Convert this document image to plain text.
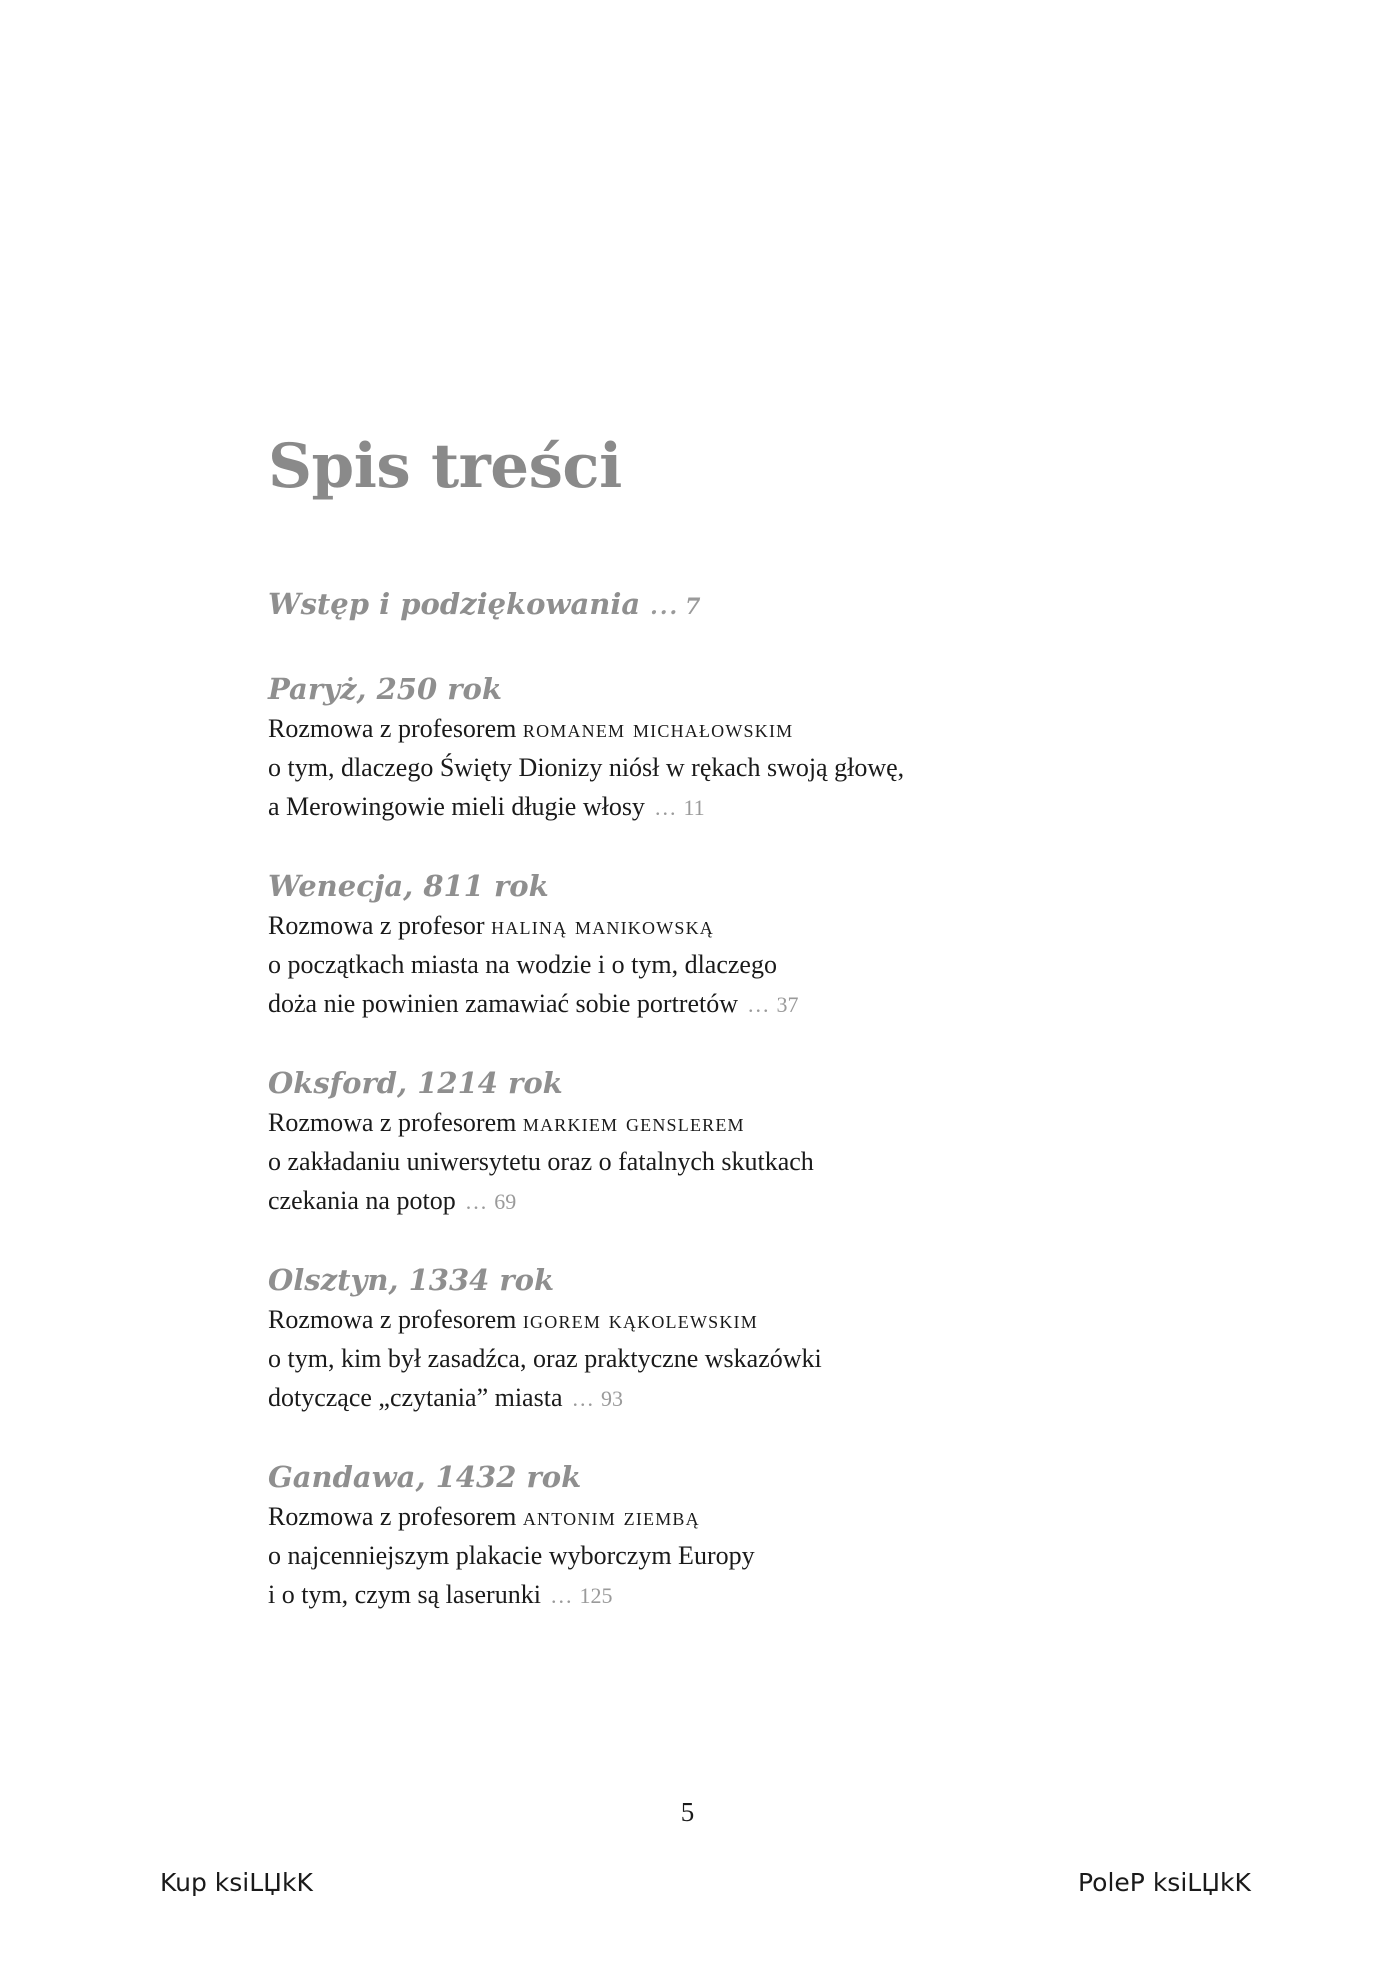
Spis treści
Wstęp i podziękowania ... 7
Paryż, 250 rok
Rozmowa z profesorem romanem michałowskim
o tym, dlaczego Święty Dionizy niósł w rękach swoją głowę,
a Merowingowie mieli długie włosy ... 11
Wenecja, 811 rok
Rozmowa z profesor haliną manikowską
o początkach miasta na wodzie i o tym, dlaczego
doża nie powinien zamawiać sobie portretów ... 37
Oksford, 1214 rok
Rozmowa z profesorem markiem genslerem
o zakładaniu uniwersytetu oraz o fatalnych skutkach
czekania na potop ... 69
Olsztyn, 1334 rok
Rozmowa z profesorem igorem kąkolewskim
o tym, kim był zasadźca, oraz praktyczne wskazówki
dotyczące „czytania” miasta ... 93
Gandawa, 1432 rok
Rozmowa z profesorem antonim ziembą
o najcenniejszym plakacie wyborczym Europy
i o tym, czym są laserunki ... 125
5
Kup ksiLЏkK	PoleP ksiLЏkK
